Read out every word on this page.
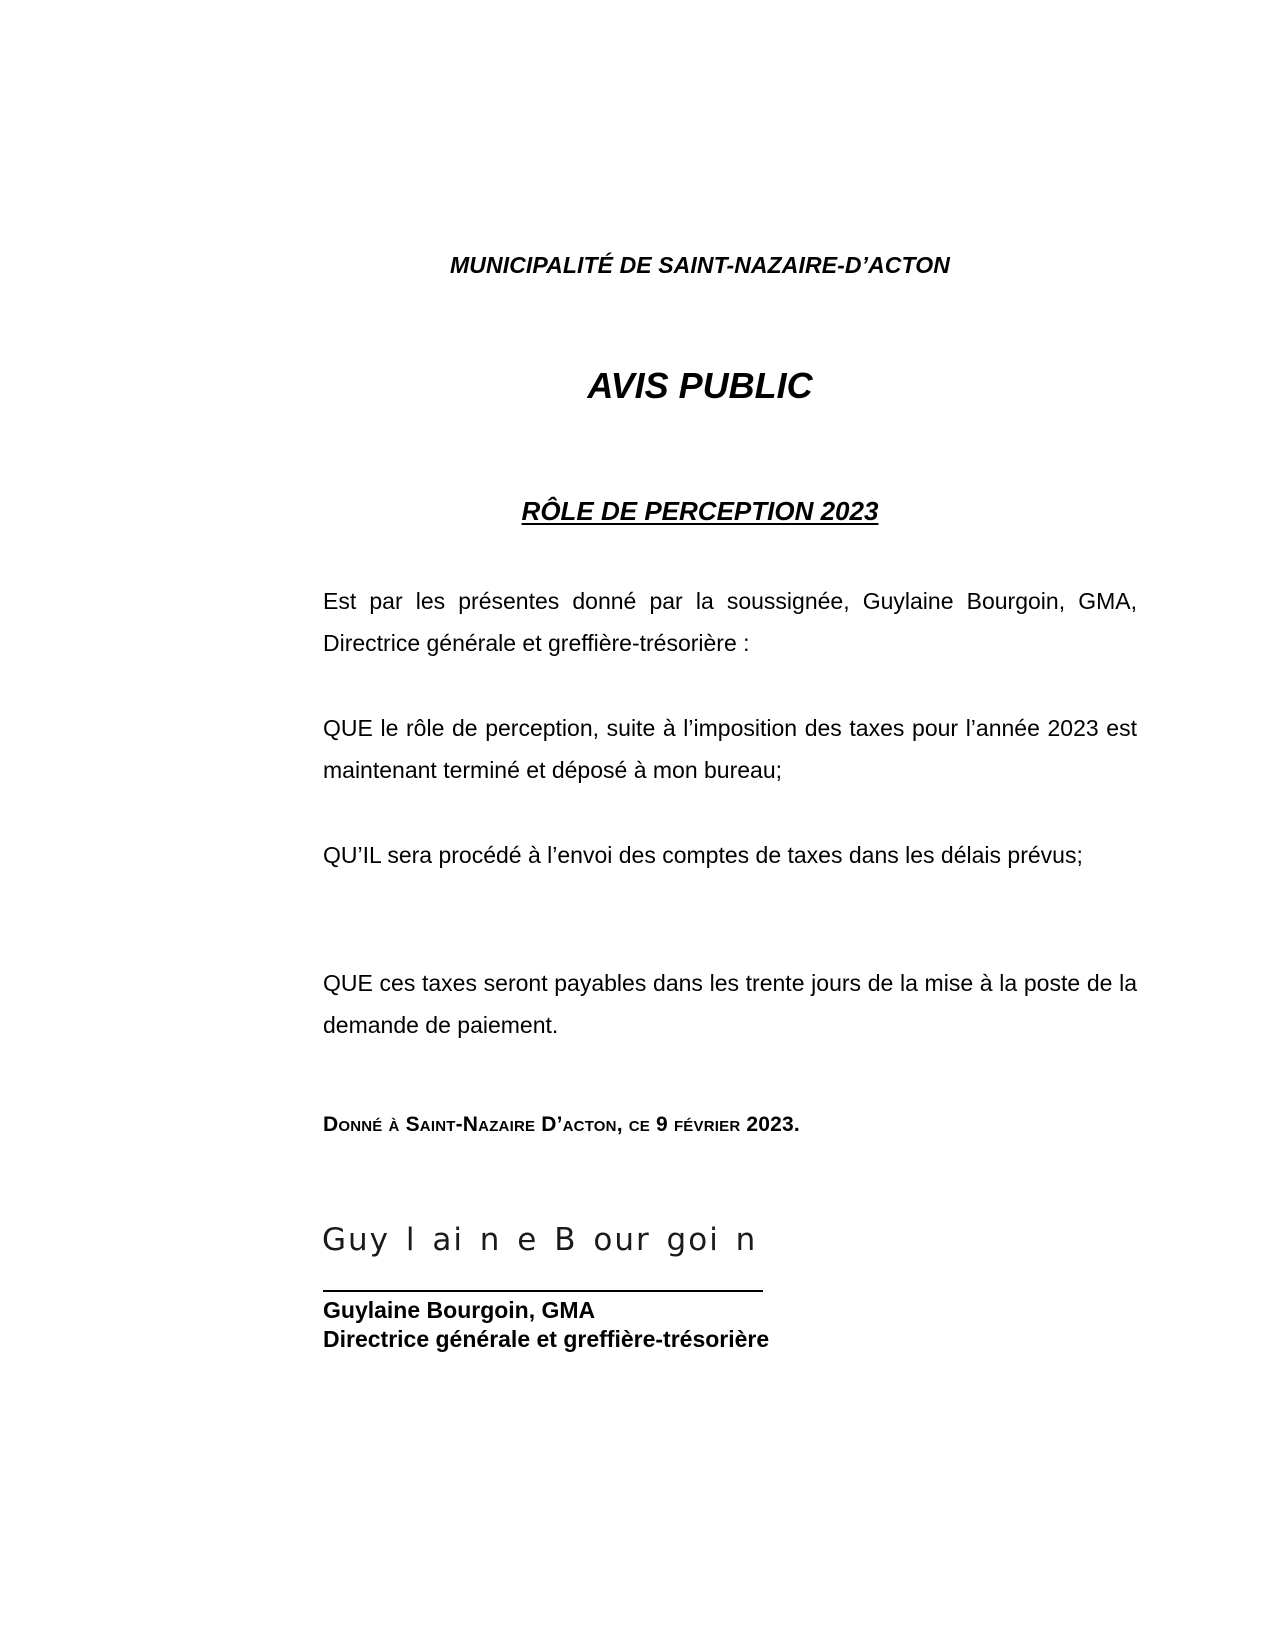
MUNICIPALITÉ DE SAINT-NAZAIRE-D’ACTON
AVIS PUBLIC
RÔLE DE PERCEPTION 2023
Est par les présentes donné par la soussignée, Guylaine Bourgoin, GMA, Directrice générale et greffière-trésorière :
QUE le rôle de perception, suite à l’imposition des taxes pour l’année 2023 est maintenant terminé et déposé à mon bureau;
QU’IL sera procédé à l’envoi des comptes de taxes dans les délais prévus;
QUE ces taxes seront payables dans les trente jours de la mise à la poste de la demande de paiement.
Donné à Saint-Nazaire D’acton, ce 9 février 2023.
Guy l ai n e B our goi n
Guylaine Bourgoin, GMA
Directrice générale et greffière-trésorière
